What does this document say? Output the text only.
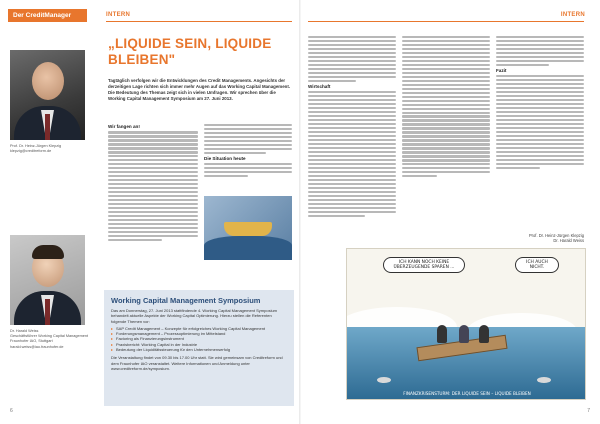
Der CreditManager	INTERN	INTERN
Prof. Dr. Heinz-Jürgen Klepzig
klepzig@creditreform.de
Dr. Harald Weiss
Geschäftsführer Working Capital Management Fraunhofer IAO, Stuttgart
harald.weiss@iao.fraunhofer.de
„LIQUIDE SEIN, LIQUIDE BLEIBEN"
Tagtäglich verfolgen wir die Entwicklungen des Credit Managements. Angesichts der derzeitigen Lage richten sich immer mehr Augen auf das Working Capital Management. Die Bedeutung des Themas zeigt sich in vielen Umfragen. Wir sprechen über die Working Capital Management Symposium am 27. Juni 2013.
Wir fangen an!
Die Situation heute
Working Capital Management Symposium

Das am Donnerstag, 27. Juni 2013 stattfindende 4. Working Capital Management Symposium behandelt aktuelle Aspekte der Working Capital Optimierung. Hierzu stellen die Referenten folgende Themen vor:

▸ SAP Credit Management – Konzepte für erfolgreiches Working Capital Management
▸ Forderungsmanagement – Prozessoptimierung im Mittelstand
▸ Factoring als Finanzierungsinstrument
▸ Praxisbericht: Working Capital in der Industrie
▸ Bedeutung der Liquiditätssteuerung für den Unternehmenserfolg

Die Veranstaltung findet von 09.30 bis 17.00 Uhr statt. Sie wird gemeinsam von Creditreform und dem Fraunhofer IAO veranstaltet. Weitere Informationen und Anmeldung unter www.creditreform.de/symposium.

Wirtschaft
Fazit
Prof. Dr. Heinz-Jürgen Klepzig
Dr. Harald Weiss
ICH KANN NOCH KEINE ÜBERZEUGENDE SPAREN ...
ICH AUCH NICHT.
FINANZKRISENSTURM: DER LIQUIDE SEIN – LIQUIDE BLEIBEN
6	7
